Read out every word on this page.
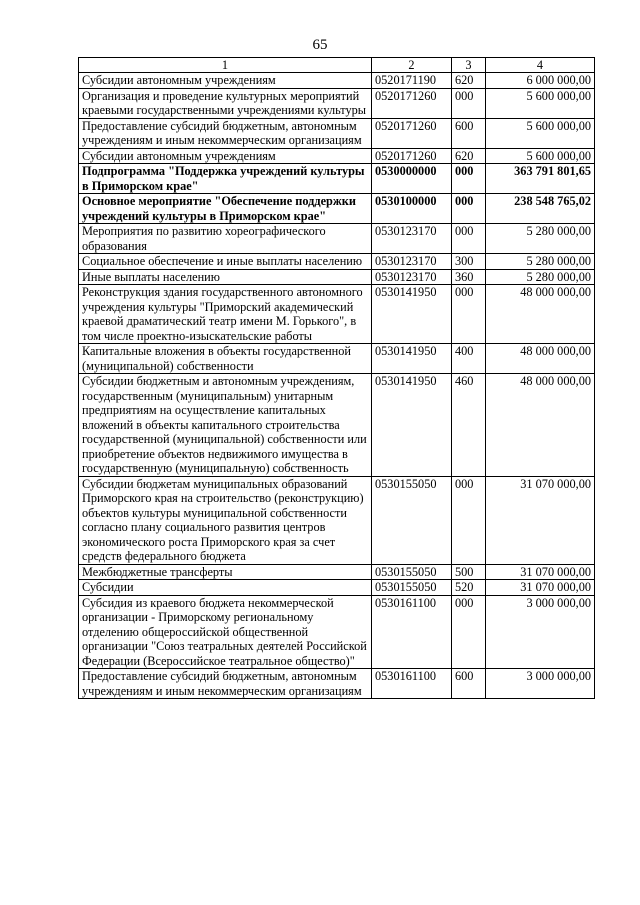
65
1	2	3	4
Субсидии автономным учреждениям	0520171190	620	6 000 000,00
Организация и проведение культурных мероприятий краевыми государственными учреждениями культуры	0520171260	000	5 600 000,00
Предоставление субсидий бюджетным, автономным учреждениям и иным некоммерческим организациям	0520171260	600	5 600 000,00
Субсидии автономным учреждениям	0520171260	620	5 600 000,00
Подпрограмма "Поддержка учреждений культуры в Приморском крае"	0530000000	000	363 791 801,65
Основное мероприятие "Обеспечение поддержки учреждений культуры в Приморском крае"	0530100000	000	238 548 765,02
Мероприятия по развитию хореографического образования	0530123170	000	5 280 000,00
Социальное обеспечение и иные выплаты населению	0530123170	300	5 280 000,00
Иные выплаты населению	0530123170	360	5 280 000,00
Реконструкция здания государственного автономного учреждения культуры "Приморский академический краевой драматический театр имени М. Горького", в том числе проектно-изыскательские работы	0530141950	000	48 000 000,00
Капитальные вложения в объекты государственной (муниципальной) собственности	0530141950	400	48 000 000,00
Субсидии бюджетным и автономным учреждениям, государственным (муниципальным) унитарным предприятиям на осуществление капитальных вложений в объекты капитального строительства государственной (муниципальной) собственности или приобретение объектов недвижимого имущества в государственную (муниципальную) собственность	0530141950	460	48 000 000,00
Субсидии бюджетам муниципальных образований Приморского края на строительство (реконструкцию) объектов культуры муниципальной собственности согласно плану социального развития центров экономического роста Приморского края за счет средств федерального бюджета	0530155050	000	31 070 000,00
Межбюджетные трансферты	0530155050	500	31 070 000,00
Субсидии	0530155050	520	31 070 000,00
Субсидия из краевого бюджета некоммерческой организации - Приморскому региональному отделению общероссийской общественной организации "Союз театральных деятелей Российской Федерации (Всероссийское театральное общество)"	0530161100	000	3 000 000,00
Предоставление субсидий бюджетным, автономным учреждениям и иным некоммерческим организациям	0530161100	600	3 000 000,00
